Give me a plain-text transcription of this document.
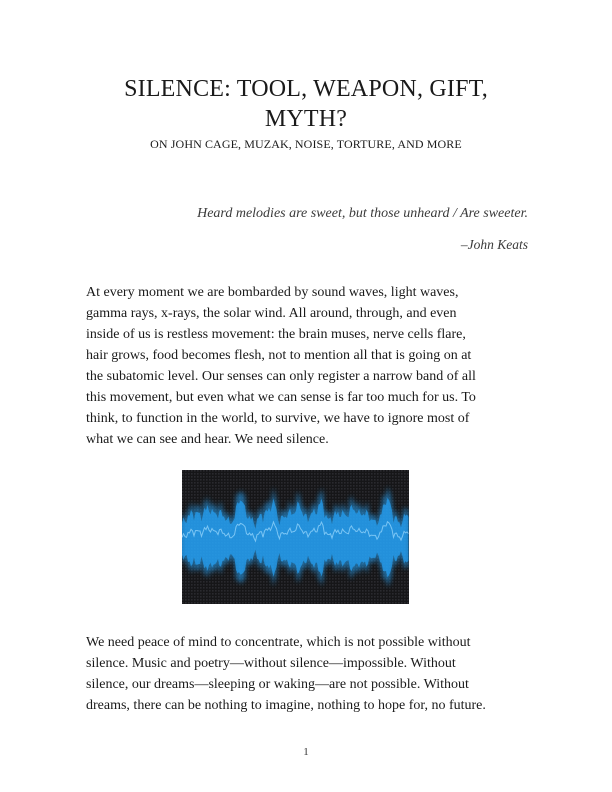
SILENCE: TOOL, WEAPON, GIFT,
MYTH?
ON JOHN CAGE, MUZAK, NOISE, TORTURE, AND MORE
Heard melodies are sweet, but those unheard / Are sweeter.
–John Keats

At every moment we are bombarded by sound waves, light waves,
gamma rays, x-rays, the solar wind. All around, through, and even
inside of us is restless movement: the brain muses, nerve cells flare,
hair grows, food becomes flesh, not to mention all that is going on at
the subatomic level. Our senses can only register a narrow band of all
this movement, but even what we can sense is far too much for us. To
think, to function in the world, to survive, we have to ignore most of
what we can see and hear. We need silence.

We need peace of mind to concentrate, which is not possible without
silence. Music and poetry—without silence—impossible. Without
silence, our dreams—sleeping or waking—are not possible. Without
dreams, there can be nothing to imagine, nothing to hope for, no future.

1
